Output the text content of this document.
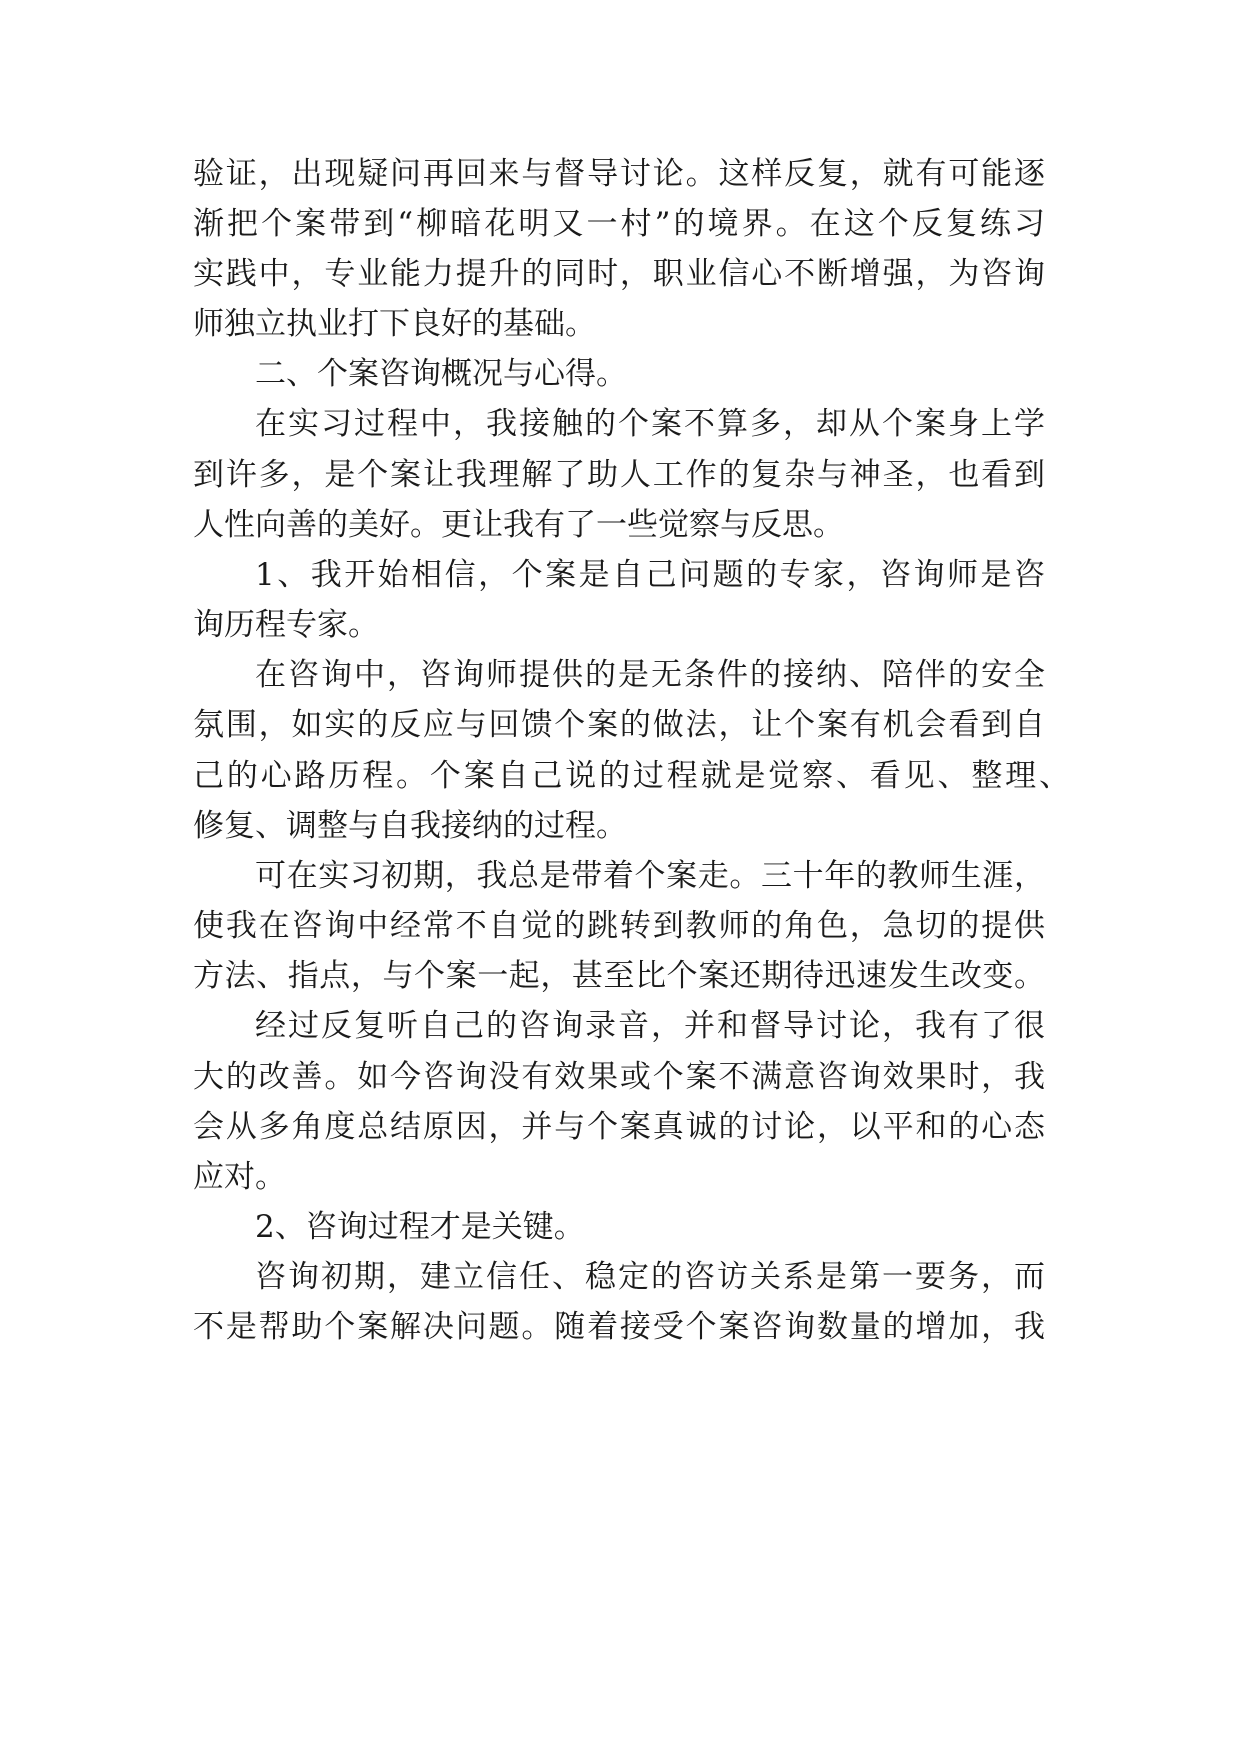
验证，出现疑问再回来与督导讨论。这样反复，就有可能逐
渐把个案带到“柳暗花明又一村”的境界。在这个反复练习
实践中，专业能力提升的同时，职业信心不断增强，为咨询
师独立执业打下良好的基础。
二、个案咨询概况与心得。
在实习过程中，我接触的个案不算多，却从个案身上学
到许多，是个案让我理解了助人工作的复杂与神圣，也看到
人性向善的美好。更让我有了一些觉察与反思。
1、我开始相信，个案是自己问题的专家，咨询师是咨
询历程专家。
在咨询中，咨询师提供的是无条件的接纳、陪伴的安全
氛围，如实的反应与回馈个案的做法，让个案有机会看到自
己的心路历程。个案自己说的过程就是觉察、看见、整理、
修复、调整与自我接纳的过程。
可在实习初期，我总是带着个案走。三十年的教师生涯，
使我在咨询中经常不自觉的跳转到教师的角色，急切的提供
方法、指点，与个案一起，甚至比个案还期待迅速发生改变。
经过反复听自己的咨询录音，并和督导讨论，我有了很
大的改善。如今咨询没有效果或个案不满意咨询效果时，我
会从多角度总结原因，并与个案真诚的讨论，以平和的心态
应对。
2、咨询过程才是关键。
咨询初期，建立信任、稳定的咨访关系是第一要务，而
不是帮助个案解决问题。随着接受个案咨询数量的增加，我
